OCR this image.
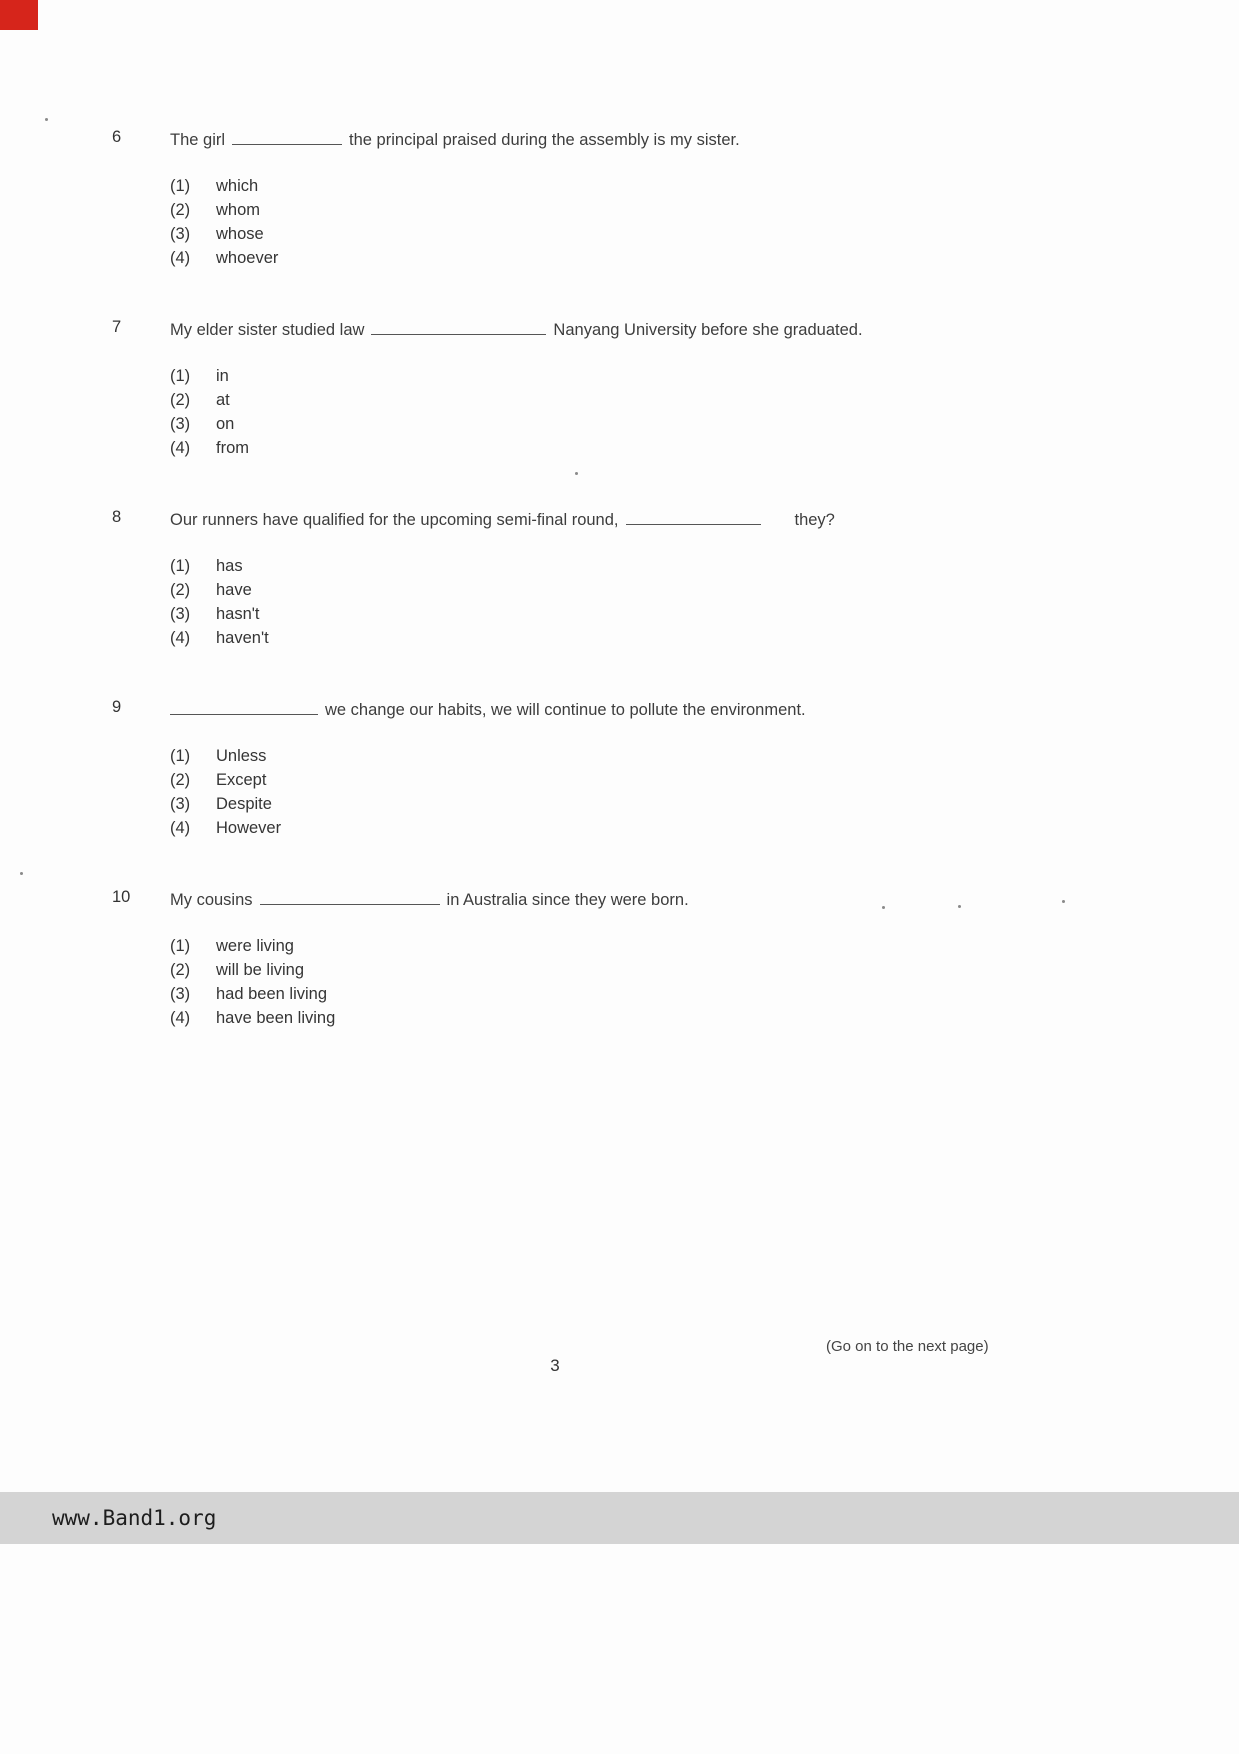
6	The girl	the principal praised during the assembly is my sister.
(1)	which
(2)	whom
(3)	whose
(4)	whoever
7	My elder sister studied law	Nanyang University before she graduated.
(1)	in
(2)	at
(3)	on
(4)	from
8	Our runners have qualified for the upcoming semi-final round,	they?
(1)	has
(2)	have
(3)	hasn't
(4)	haven't
9	we change our habits, we will continue to pollute the environment.
(1)	Unless
(2)	Except
(3)	Despite
(4)	However
10	My cousins	in Australia since they were born.
(1)	were living
(2)	will be living
(3)	had been living
(4)	have been living
(Go on to the next page)
3
www.Band1.org
